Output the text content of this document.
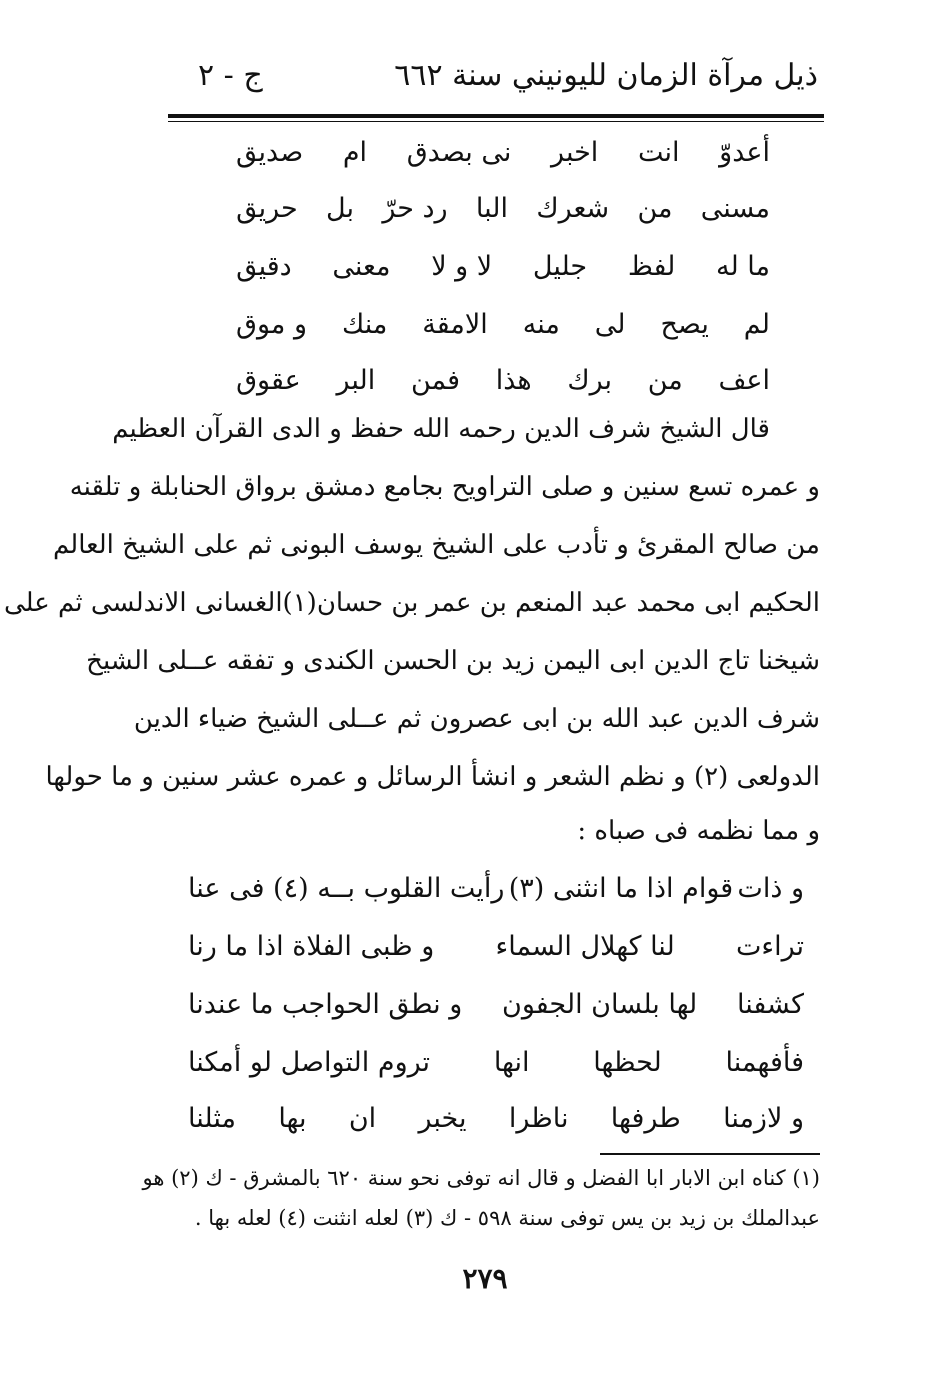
ذيل مرآة الزمان لليونيني سنة ٦٦٢
ج - ٢
أعدوّ
انت
اخبر
نى بصدق
ام
صديق
مسنى
من
شعرك
البا
رد حرّ
بل
حريق
ما له
لفظ
جليل
لا و لا
معنى
دقيق
لم
يصح
لى
منه
الامقة
منك
و موق
اعف
من
برك
هذا
فمن
البر
عقوق
قال الشيخ شرف الدين رحمه الله حفظ و الدى القرآن العظيم
و عمره تسع سنين و صلى التراويح بجامع دمشق برواق الحنابلة و تلقنه
من صالح المقرئ و تأدب على الشيخ يوسف البونى ثم على الشيخ العالم
الحكيم ابى محمد عبد المنعم بن عمر بن حسان(١)الغسانى الاندلسى ثم على
شيخنا تاج الدين ابى اليمن زيد بن الحسن الكندى و تفقه عــلى الشيخ
شرف الدين عبد الله بن ابى عصرون ثم عــلى الشيخ ضياء الدين
الدولعى (٢) و نظم الشعر و انشأ الرسائل و عمره عشر سنين و ما حولها
و مما نظمه فى صباه :
و ذات
قوام اذا ما انثنى (٣)
رأيت القلوب بــه (٤) فى عنا
تراءت
لنا كهلال السماء
و ظبى الفلاة اذا ما رنا
كشفنا
لها بلسان الجفون
و نطق الحواجب ما عندنا
فأفهمنا
لحظها
انها
تروم التواصل لو أمكنا
و لازمنا
طرفها
ناظرا
يخبر
ان
بها
مثلنا
(١) كناه ابن الابار ابا الفضل و قال انه توفى نحو سنة ٦٢٠ بالمشرق - ك (٢) هو
عبدالملك بن زيد بن يس توفى سنة ٥٩٨ - ك (٣) لعله انثنت (٤) لعله بها .
٢٧٩
